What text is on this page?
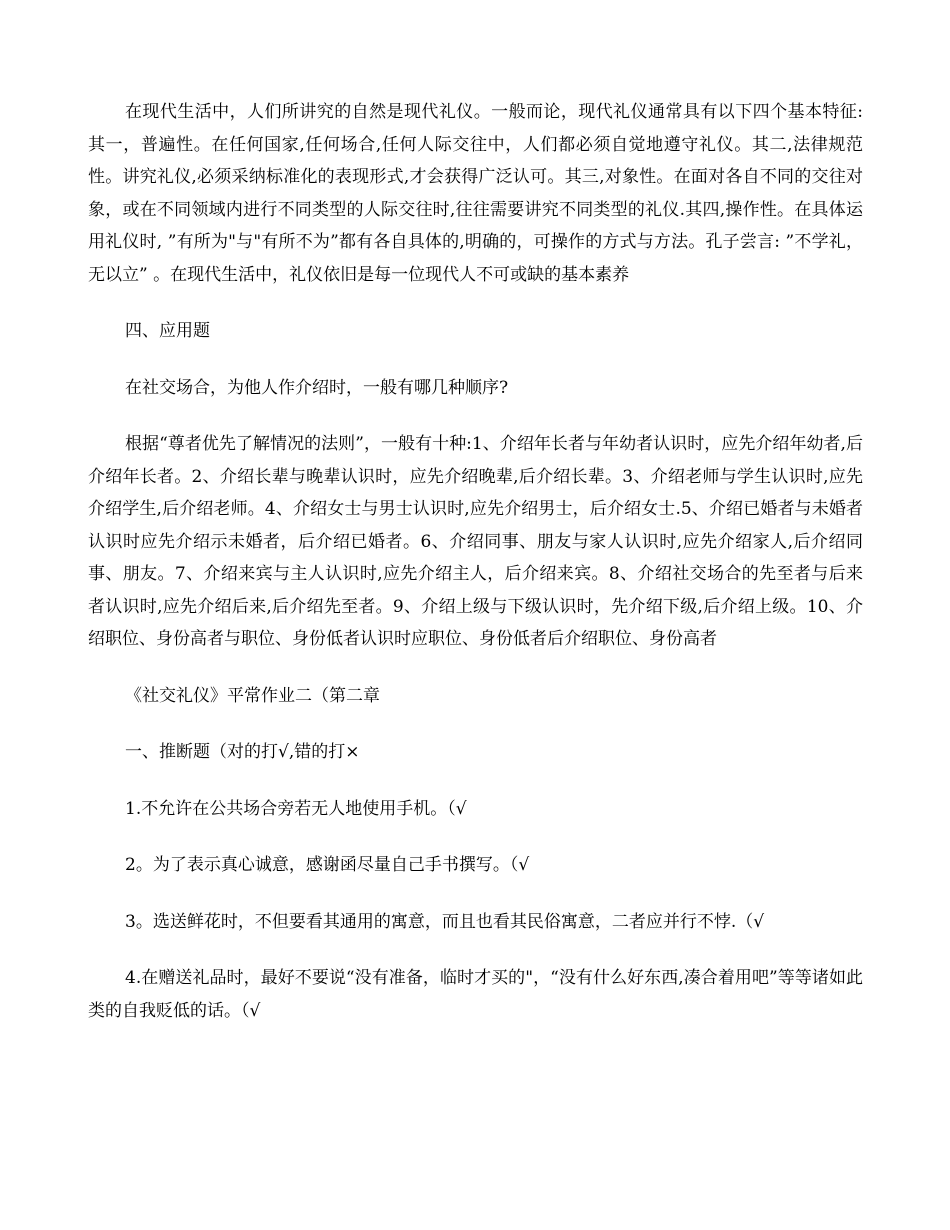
在现代生活中，人们所讲究的自然是现代礼仪。一般而论，现代礼仪通常具有以下四个基本特征: 其一，普遍性。在任何国家,任何场合,任何人际交往中，人们都必须自觉地遵守礼仪。其二,法律规范性。讲究礼仪,必须采纳标准化的表现形式,才会获得广泛认可。其三,对象性。在面对各自不同的交往对象，或在不同领域内进行不同类型的人际交往时,往往需要讲究不同类型的礼仪.其四,操作性。在具体运用礼仪时, ”有所为"与"有所不为”都有各自具体的,明确的，可操作的方式与方法。孔子尝言: ”不学礼，无以立” 。在现代生活中，礼仪依旧是每一位现代人不可或缺的基本素养

四、应用题

在社交场合，为他人作介绍时，一般有哪几种顺序?

根据“尊者优先了解情况的法则”，一般有十种:1、介绍年长者与年幼者认识时，应先介绍年幼者,后介绍年长者。2、介绍长辈与晚辈认识时，应先介绍晚辈,后介绍长辈。3、介绍老师与学生认识时,应先介绍学生,后介绍老师。4、介绍女士与男士认识时,应先介绍男士，后介绍女士.5、介绍已婚者与未婚者认识时应先介绍示未婚者，后介绍已婚者。6、介绍同事、朋友与家人认识时,应先介绍家人,后介绍同事、朋友。7、介绍来宾与主人认识时,应先介绍主人，后介绍来宾。8、介绍社交场合的先至者与后来者认识时,应先介绍后来,后介绍先至者。9、介绍上级与下级认识时，先介绍下级,后介绍上级。10、介绍职位、身份高者与职位、身份低者认识时应职位、身份低者后介绍职位、身份高者

《社交礼仪》平常作业二（第二章

一、推断题（对的打√,错的打×

1.不允许在公共场合旁若无人地使用手机。（√

2。为了表示真心诚意，感谢函尽量自己手书撰写。（√

3。选送鲜花时，不但要看其通用的寓意，而且也看其民俗寓意，二者应并行不悖.（√

4.在赠送礼品时，最好不要说“没有准备，临时才买的"，“没有什么好东西,凑合着用吧”等等诸如此类的自我贬低的话。（√
